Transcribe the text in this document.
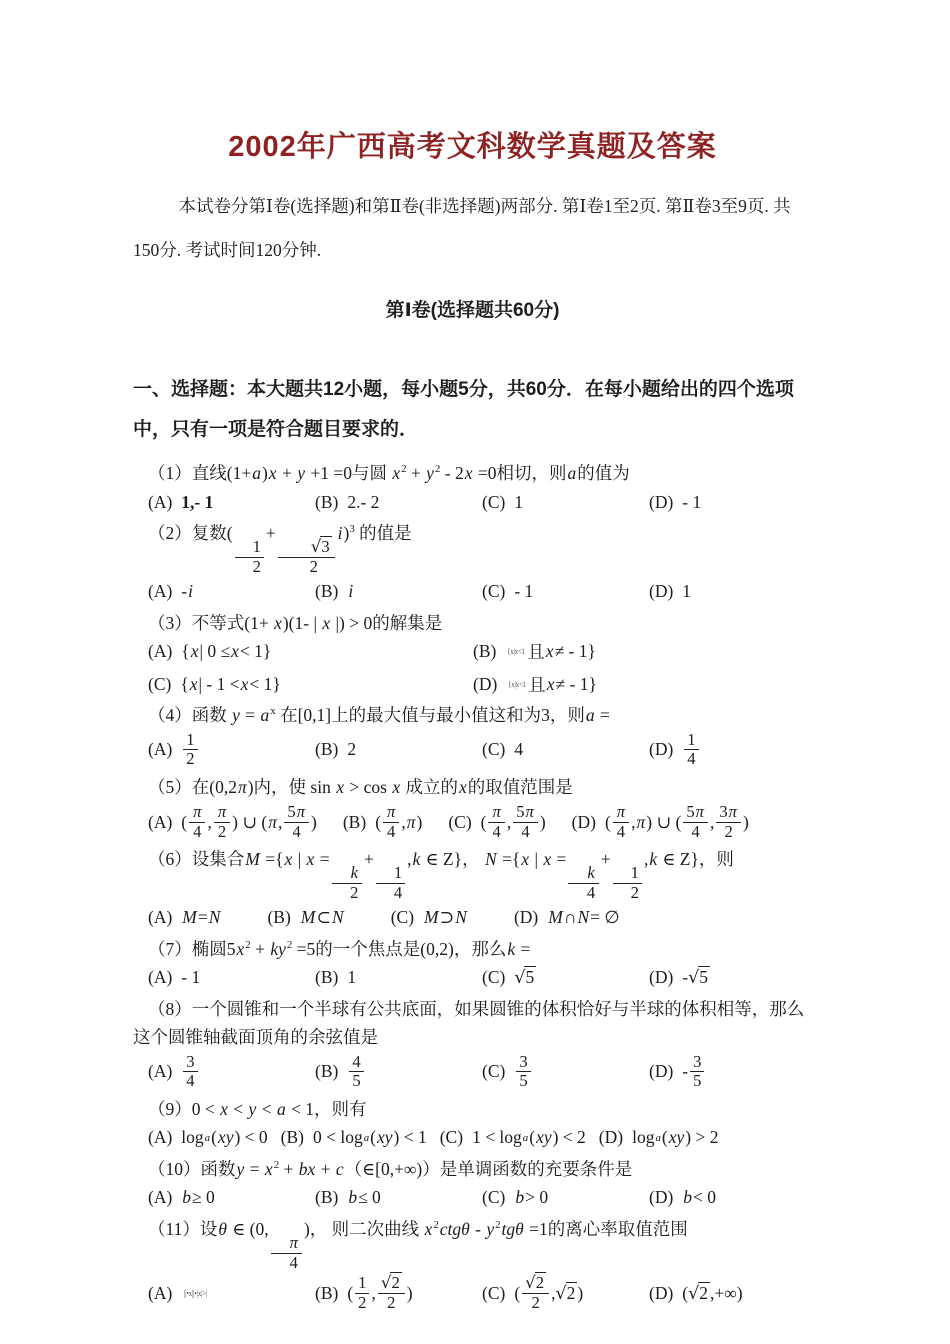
2002年广西高考文科数学真题及答案

本试卷分第Ⅰ卷(选择题)和第Ⅱ卷(非选择题)两部分. 第Ⅰ卷1至2页. 第Ⅱ卷3至9页. 共150分. 考试时间120分钟.

第Ⅰ卷(选择题共60分)
一、选择题：本大题共12小题，每小题5分，共60分．在每小题给出的四个选项中，只有一项是符合题目要求的．
（1）直线(1+a)x + y +1 =0与圆 $x^2 + y^2 - 2x =0$相切，则a的值为
(A) 1,- 1	(B) 2.- 2	(C) 1	(D) - 1
（2）复数(
$\frac{1}{2}$
+
$\frac{√3}{2}$
i)$^3$ 的值是
(A) - i	(B) i	(C) - 1	(D) 1
（3）不等式(1+ x)(1- | x |) > 0的解集是
(A) { x | 0 ≤ x < 1}	(B) {x|x<1 且 x ≠ - 1}
(C) { x | - 1 < x < 1}	(D) {x|x<1 且 x ≠ - 1}
（4）函数 $y = a^x$ 在[0,1]上的最大值与最小值这和为3，则a =
(A)
1
2	(B) 2	(C) 4	(D)
1
4
（5）在(0,2π)内，使 sin x > cos x 成立的x的取值范围是
(A) (
π
4 ,
π
2 ) ∪ ( π ,
5π
4 ) (B) (
π
4 , π ) (C) (
π
4 ,
5π
4 ) (D) (
π
4 , π ) ∪ (
5π
4 ,
3π
2 )
（6）设集合M ={x | x =
$\frac{k}{2}$
+
$\frac{1}{4}$
,k ∈ Z}， N ={x | x =
$\frac{k}{4}$
+
$\frac{1}{2}$
,k ∈ Z}，则
(A) M = N	(B) M ⊂ N	(C) M ⊃ N	(D) M ∩ N = ∅
（7）椭圆$5x^2 + ky^2 =5$的一个焦点是(0,2)，那么k =
(A) - 1	(B) 1	(C) √5	(D) - √5
（8）一个圆锥和一个半球有公共底面，如果圆锥的体积恰好与半球的体积相等，那么这个圆锥轴截面顶角的余弦值是
(A)
3
4	(B)
4
5	(C)
3
5	(D) -
3
5
（9）0 < x < y < a < 1，则有
(A) log a ( xy ) < 0 (B) 0 < log a ( xy ) < 1 (C) 1 < log a ( xy ) < 2 (D) log a ( xy ) > 2
（10）函数$y = x^2$ + bx + c（∈[0,+∞)）是单调函数的充要条件是
(A) b ≥ 0	(B) b ≤ 0	(C) b > 0	(D) b < 0
（11）设θ ∈ (0,
$\frac{\pi}{4}$
)， 则二次曲线 $x^2ctg\theta - y^2tg\theta =1$的离心率取值范围
(A) ||•x||•|x|>|	(B) (
1
2 ,
√2
2 )	(C) (
√2
2 , √2 )	(D) ( √2 ,+∞)
